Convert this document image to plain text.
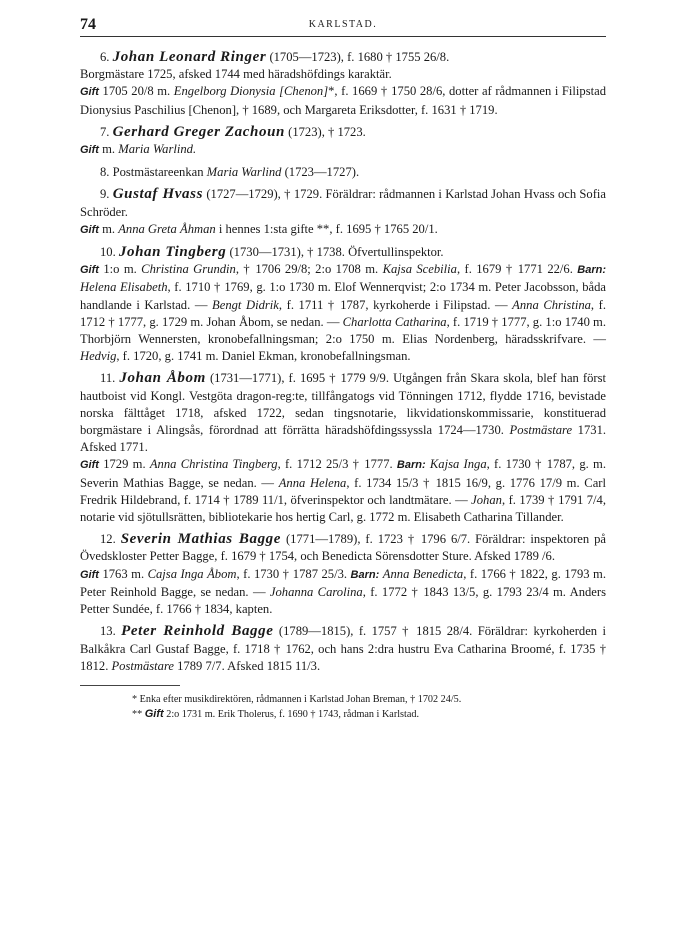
74	KARLSTAD.

6. Johan Leonard Ringer (1705—1723), f. 1680 † 1755 26/8.

Borgmästare 1725, afsked 1744 med häradshöfdings karaktär.

Gift 1705 20/8 m. Engelborg Dionysia [Chenon]*, f. 1669 † 1750 28/6, dotter af rådmannen i Filipstad Dionysius Paschilius [Chenon], † 1689, och Margareta Eriksdotter, f. 1631 † 1719.

7. Gerhard Greger Zachoun (1723), † 1723.

Gift m. Maria Warlind.

8. Postmästareenkan Maria Warlind (1723—1727).

9. Gustaf Hvass (1727—1729), † 1729. Föräldrar: rådmannen i Karlstad Johan Hvass och Sofia Schröder.

Gift m. Anna Greta Åhman i hennes 1:sta gifte **, f. 1695 † 1765 20/1.

10. Johan Tingberg (1730—1731), † 1738. Öfvertullinspektor.

Gift 1:o m. Christina Grundin, † 1706 29/8; 2:o 1708 m. Kajsa Scebilia, f. 1679 † 1771 22/6. Barn: Helena Elisabeth, f. 1710 † 1769, g. 1:o 1730 m. Elof Wennerqvist; 2:o 1734 m. Peter Jacobsson, båda handlande i Karlstad. — Bengt Didrik, f. 1711 † 1787, kyrkoherde i Filipstad. — Anna Christina, f. 1712 † 1777, g. 1729 m. Johan Åbom, se nedan. — Charlotta Catharina, f. 1719 † 1777, g. 1:o 1740 m. Thorbjörn Wennersten, kronobefallningsman; 2:o 1750 m. Elias Nordenberg, häradsskrifvare. — Hedvig, f. 1720, g. 1741 m. Daniel Ekman, kronobefallningsman.

11. Johan Åbom (1731—1771), f. 1695 † 1779 9/9. Utgången från Skara skola, blef han först hautboist vid Kongl. Vestgöta dragon-reg:te, tillfångatogs vid Tönningen 1712, flydde 1716, bevistade norska fälttåget 1718, afsked 1722, sedan tingsnotarie, likvidationskommissarie, konstituerad borgmästare i Alingsås, förordnad att förrätta häradshöfdingssyssla 1724—1730. Postmästare 1731. Afsked 1771.

Gift 1729 m. Anna Christina Tingberg, f. 1712 25/3 † 1777. Barn: Kajsa Inga, f. 1730 † 1787, g. m. Severin Mathias Bagge, se nedan. — Anna Helena, f. 1734 15/3 † 1815 16/9, g. 1776 17/9 m. Carl Fredrik Hildebrand, f. 1714 † 1789 11/1, öfverinspektor och landtmätare. — Johan, f. 1739 † 1791 7/4, notarie vid sjötullsrätten, bibliotekarie hos hertig Carl, g. 1772 m. Elisabeth Catharina Tillander.

12. Severin Mathias Bagge (1771—1789), f. 1723 † 1796 6/7. Föräldrar: inspektoren på Övedskloster Petter Bagge, f. 1679 † 1754, och Benedicta Sörensdotter Sture. Afsked 1789 /6.

Gift 1763 m. Cajsa Inga Åbom, f. 1730 † 1787 25/3. Barn: Anna Benedicta, f. 1766 † 1822, g. 1793 m. Peter Reinhold Bagge, se nedan. — Johanna Carolina, f. 1772 † 1843 13/5, g. 1793 23/4 m. Anders Petter Sundée, f. 1766 † 1834, kapten.

13. Peter Reinhold Bagge (1789—1815), f. 1757 † 1815 28/4. Föräldrar: kyrkoherden i Balkåkra Carl Gustaf Bagge, f. 1718 † 1762, och hans 2:dra hustru Eva Catharina Broomé, f. 1735 † 1812. Postmästare 1789 7/7. Afsked 1815 11/3.

* Enka efter musikdirektören, rådmannen i Karlstad Johan Breman, † 1702 24/5.

** Gift 2:o 1731 m. Erik Tholerus, f. 1690 † 1743, rådman i Karlstad.
